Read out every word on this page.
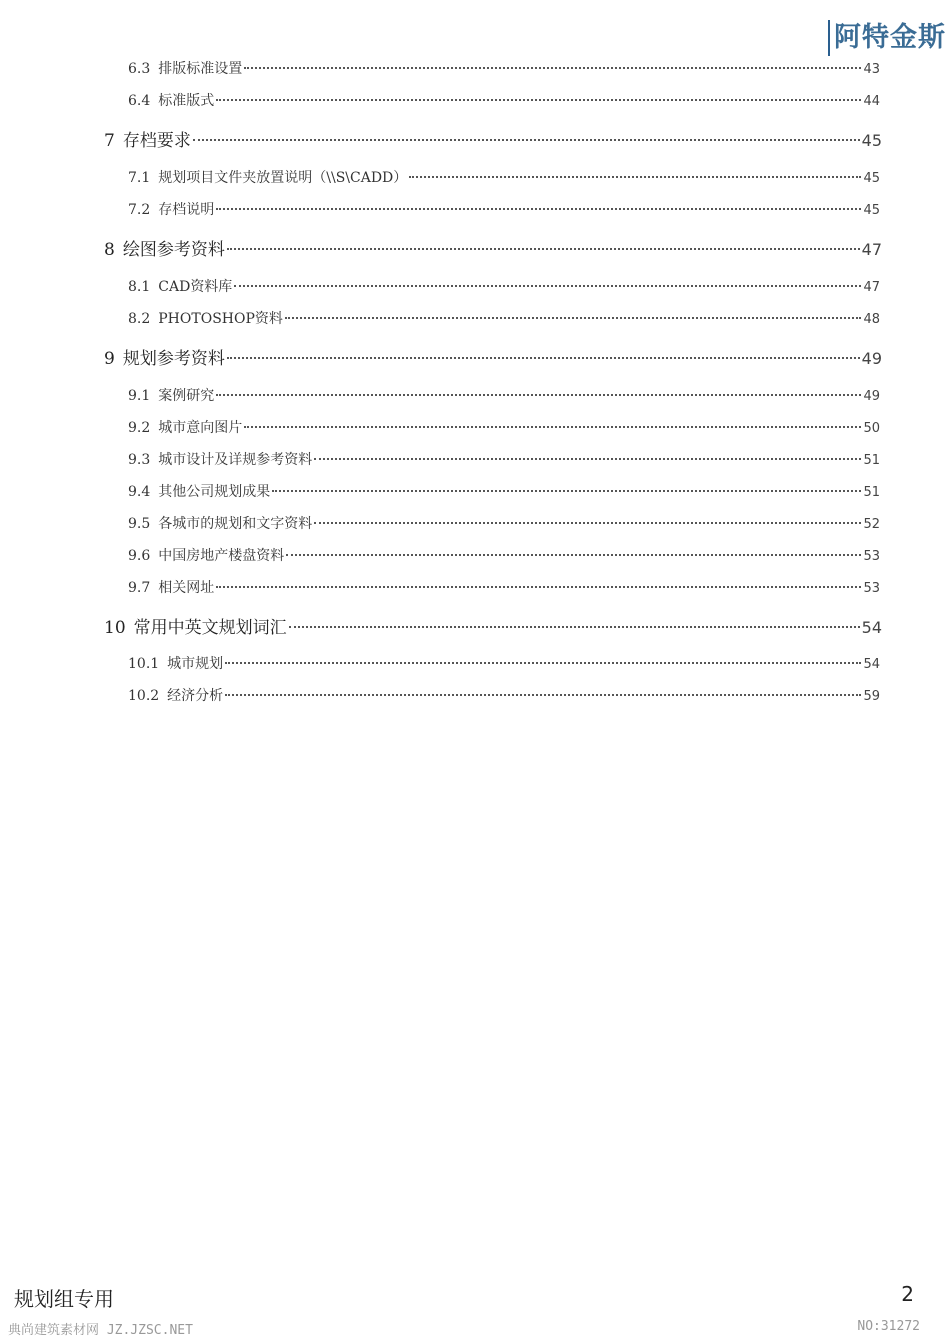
阿特金斯
6.3 排版标准设置	43
6.4 标准版式	44
7 存档要求	45
7.1 规划项目文件夹放置说明（\\S\CADD）	45
7.2 存档说明	45
8 绘图参考资料	47
8.1 CAD资料库	47
8.2 PHOTOSHOP资料	48
9 规划参考资料	49
9.1 案例研究	49
9.2 城市意向图片	50
9.3 城市设计及详规参考资料	51
9.4 其他公司规划成果	51
9.5 各城市的规划和文字资料	52
9.6 中国房地产楼盘资料	53
9.7 相关网址	53
10 常用中英文规划词汇	54
10.1 城市规划	54
10.2 经济分析	59
规划组专用	2
典尚建筑素材网 JZ.JZSC.NET	NO:31272
